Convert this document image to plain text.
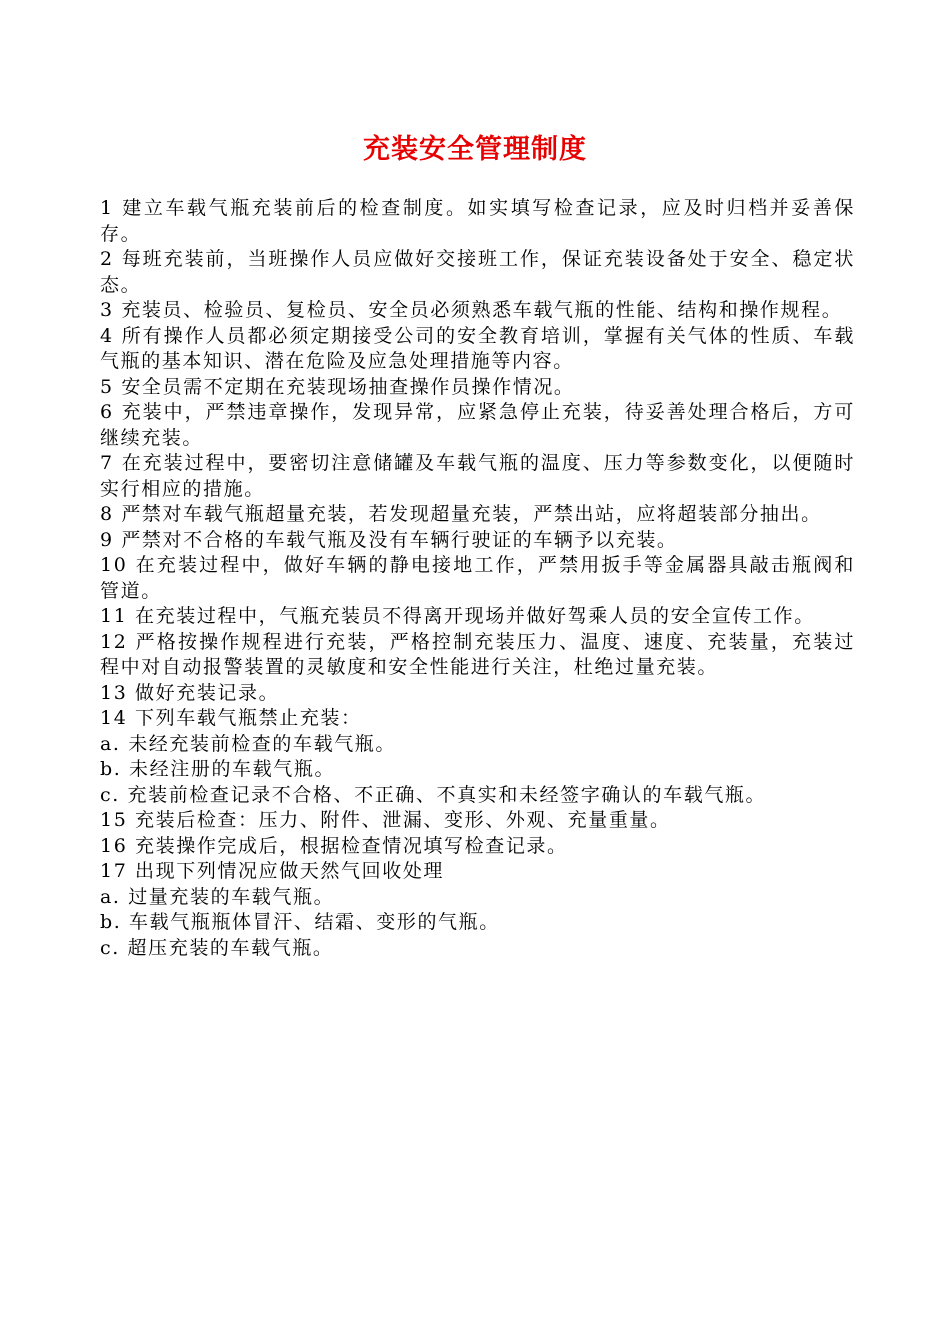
充装安全管理制度

1 建立车载气瓶充装前后的检查制度。如实填写检查记录，应及时归档并妥善保存。

2 每班充装前，当班操作人员应做好交接班工作，保证充装设备处于安全、稳定状态。

3 充装员、检验员、复检员、安全员必须熟悉车载气瓶的性能、结构和操作规程。

4 所有操作人员都必须定期接受公司的安全教育培训，掌握有关气体的性质、车载气瓶的基本知识、潜在危险及应急处理措施等内容。

5 安全员需不定期在充装现场抽查操作员操作情况。

6 充装中，严禁违章操作，发现异常，应紧急停止充装，待妥善处理合格后，方可继续充装。

7 在充装过程中，要密切注意储罐及车载气瓶的温度、压力等参数变化，以便随时实行相应的措施。

8 严禁对车载气瓶超量充装，若发现超量充装，严禁出站，应将超装部分抽出。

9 严禁对不合格的车载气瓶及没有车辆行驶证的车辆予以充装。

10 在充装过程中，做好车辆的静电接地工作，严禁用扳手等金属器具敲击瓶阀和管道。

11 在充装过程中，气瓶充装员不得离开现场并做好驾乘人员的安全宣传工作。

12 严格按操作规程进行充装，严格控制充装压力、温度、速度、充装量，充装过程中对自动报警装置的灵敏度和安全性能进行关注，杜绝过量充装。

13 做好充装记录。

14 下列车载气瓶禁止充装：

a. 未经充装前检查的车载气瓶。

b. 未经注册的车载气瓶。

c. 充装前检查记录不合格、不正确、不真实和未经签字确认的车载气瓶。

15 充装后检查：压力、附件、泄漏、变形、外观、充量重量。

16 充装操作完成后，根据检查情况填写检查记录。

17 出现下列情况应做天然气回收处理

a. 过量充装的车载气瓶。

b. 车载气瓶瓶体冒汗、结霜、变形的气瓶。

c. 超压充装的车载气瓶。
